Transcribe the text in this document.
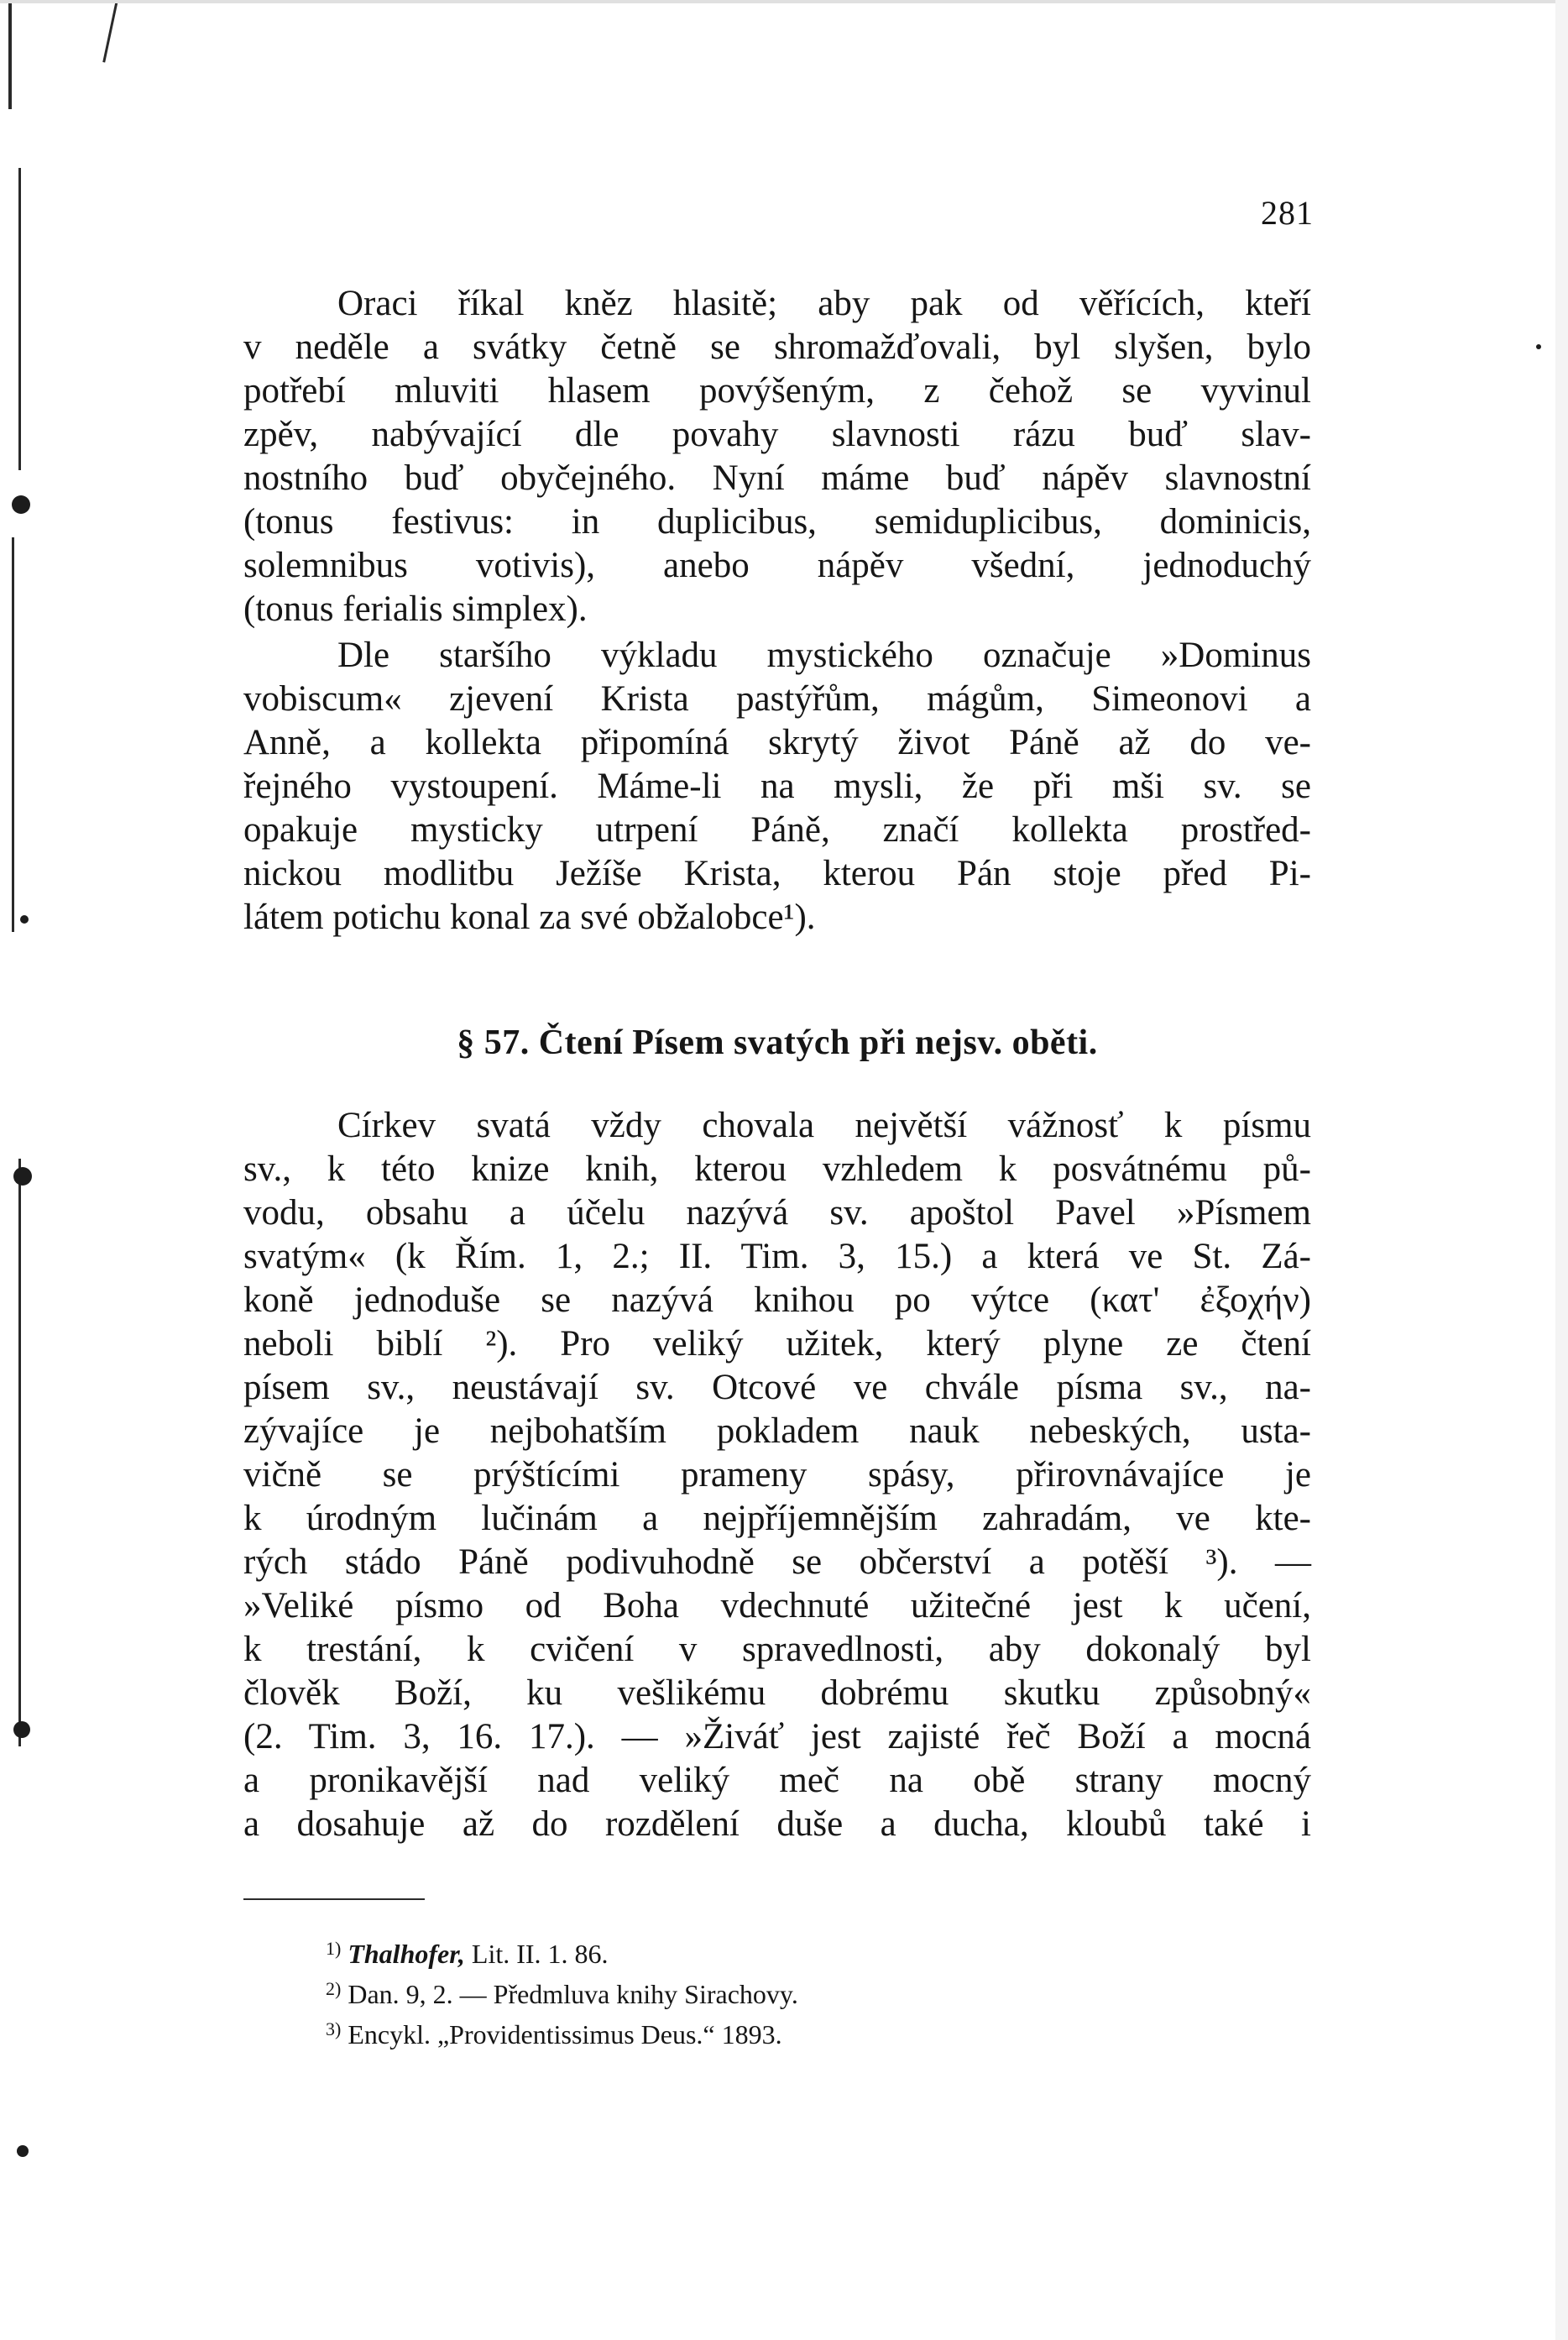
281
Oraci říkal kněz hlasitě; aby pak od věřících, kteří
v neděle a svátky četně se shromažďovali, byl slyšen, bylo
potřebí mluviti hlasem povýšeným, z čehož se vyvinul
zpěv, nabývající dle povahy slavnosti rázu buď slav-
nostního buď obyčejného. Nyní máme buď nápěv slavnostní
(tonus festivus: in duplicibus, semiduplicibus, dominicis,
solemnibus votivis), anebo nápěv všední, jednoduchý
(tonus ferialis simplex).
Dle staršího výkladu mystického označuje »Dominus
vobiscum« zjevení Krista pastýřům, mágům, Simeonovi a
Anně, a kollekta připomíná skrytý život Páně až do ve-
řejného vystoupení. Máme-li na mysli, že při mši sv. se
opakuje mysticky utrpení Páně, značí kollekta prostřed-
nickou modlitbu Ježíše Krista, kterou Pán stoje před Pi-
látem potichu konal za své obžalobce¹).
§ 57. Čtení Písem svatých při nejsv. oběti.
Církev svatá vždy chovala největší vážnosť k písmu
sv., k této knize knih, kterou vzhledem k posvátnému pů-
vodu, obsahu a účelu nazývá sv. apoštol Pavel »Písmem
svatým« (k Řím. 1, 2.; II. Tim. 3, 15.) a která ve St. Zá-
koně jednoduše se nazývá knihou po výtce (κατ' ἐξοχήν)
neboli biblí ²). Pro veliký užitek, který plyne ze čtení
písem sv., neustávají sv. Otcové ve chvále písma sv., na-
zývajíce je nejbohatším pokladem nauk nebeských, usta-
vičně se prýštícími prameny spásy, přirovnávajíce je
k úrodným lučinám a nejpříjemnějším zahradám, ve kte-
rých stádo Páně podivuhodně se občerství a potěší ³). —
»Veliké písmo od Boha vdechnuté užitečné jest k učení,
k trestání, k cvičení v spravedlnosti, aby dokonalý byl
člověk Boží, ku vešlikému dobrému skutku způsobný«
(2. Tim. 3, 16. 17.). — »Živáť jest zajisté řeč Boží a mocná
a pronikavější nad veliký meč na obě strany mocný
a dosahuje až do rozdělení duše a ducha, kloubů také i
$^{1)}$ Thalhofer, Lit. II. 1. 86.
$^{2)}$ Dan. 9, 2. — Předmluva knihy Sirachovy.
$^{3)}$ Encykl. „Providentissimus Deus.“ 1893.
